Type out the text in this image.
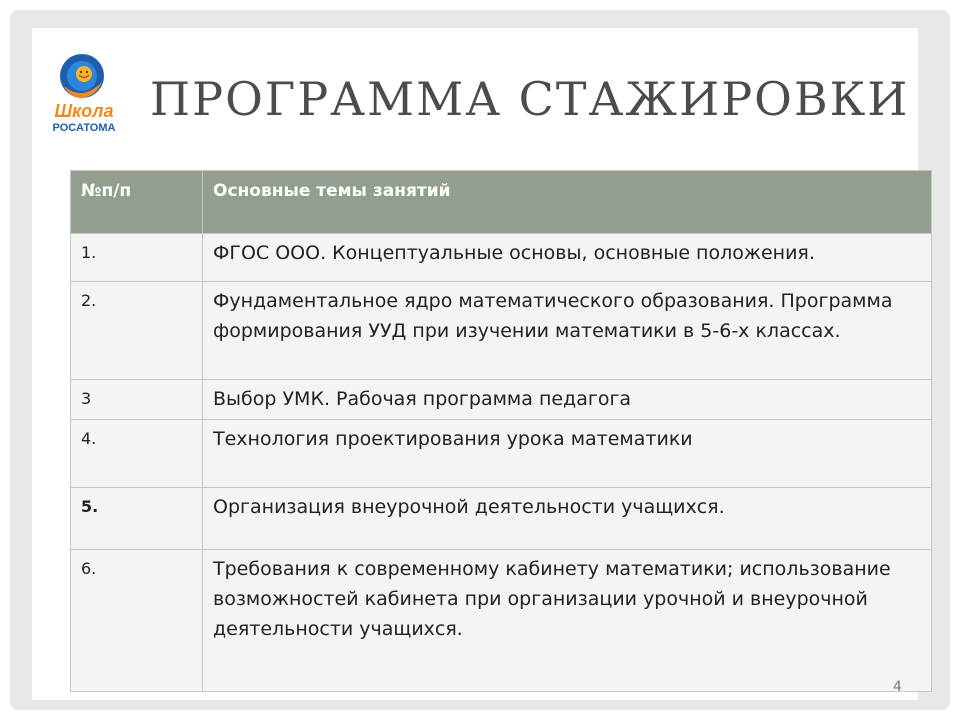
Школа
РОСАТОМА
ПРОГРАММА СТАЖИРОВКИ
№п/п	Основные темы занятий
1.	ФГОС ООО. Концептуальные основы, основные положения.
2.	Фундаментальное ядро математического образования. Программа формирования УУД при изучении математики в 5-6-х классах.
3	Выбор УМК. Рабочая программа педагога
4.	Технология проектирования урока математики
5.	Организация внеурочной деятельности учащихся.
6.	Требования к современному кабинету математики; использование возможностей кабинета при организации урочной и внеурочной деятельности учащихся.
4
